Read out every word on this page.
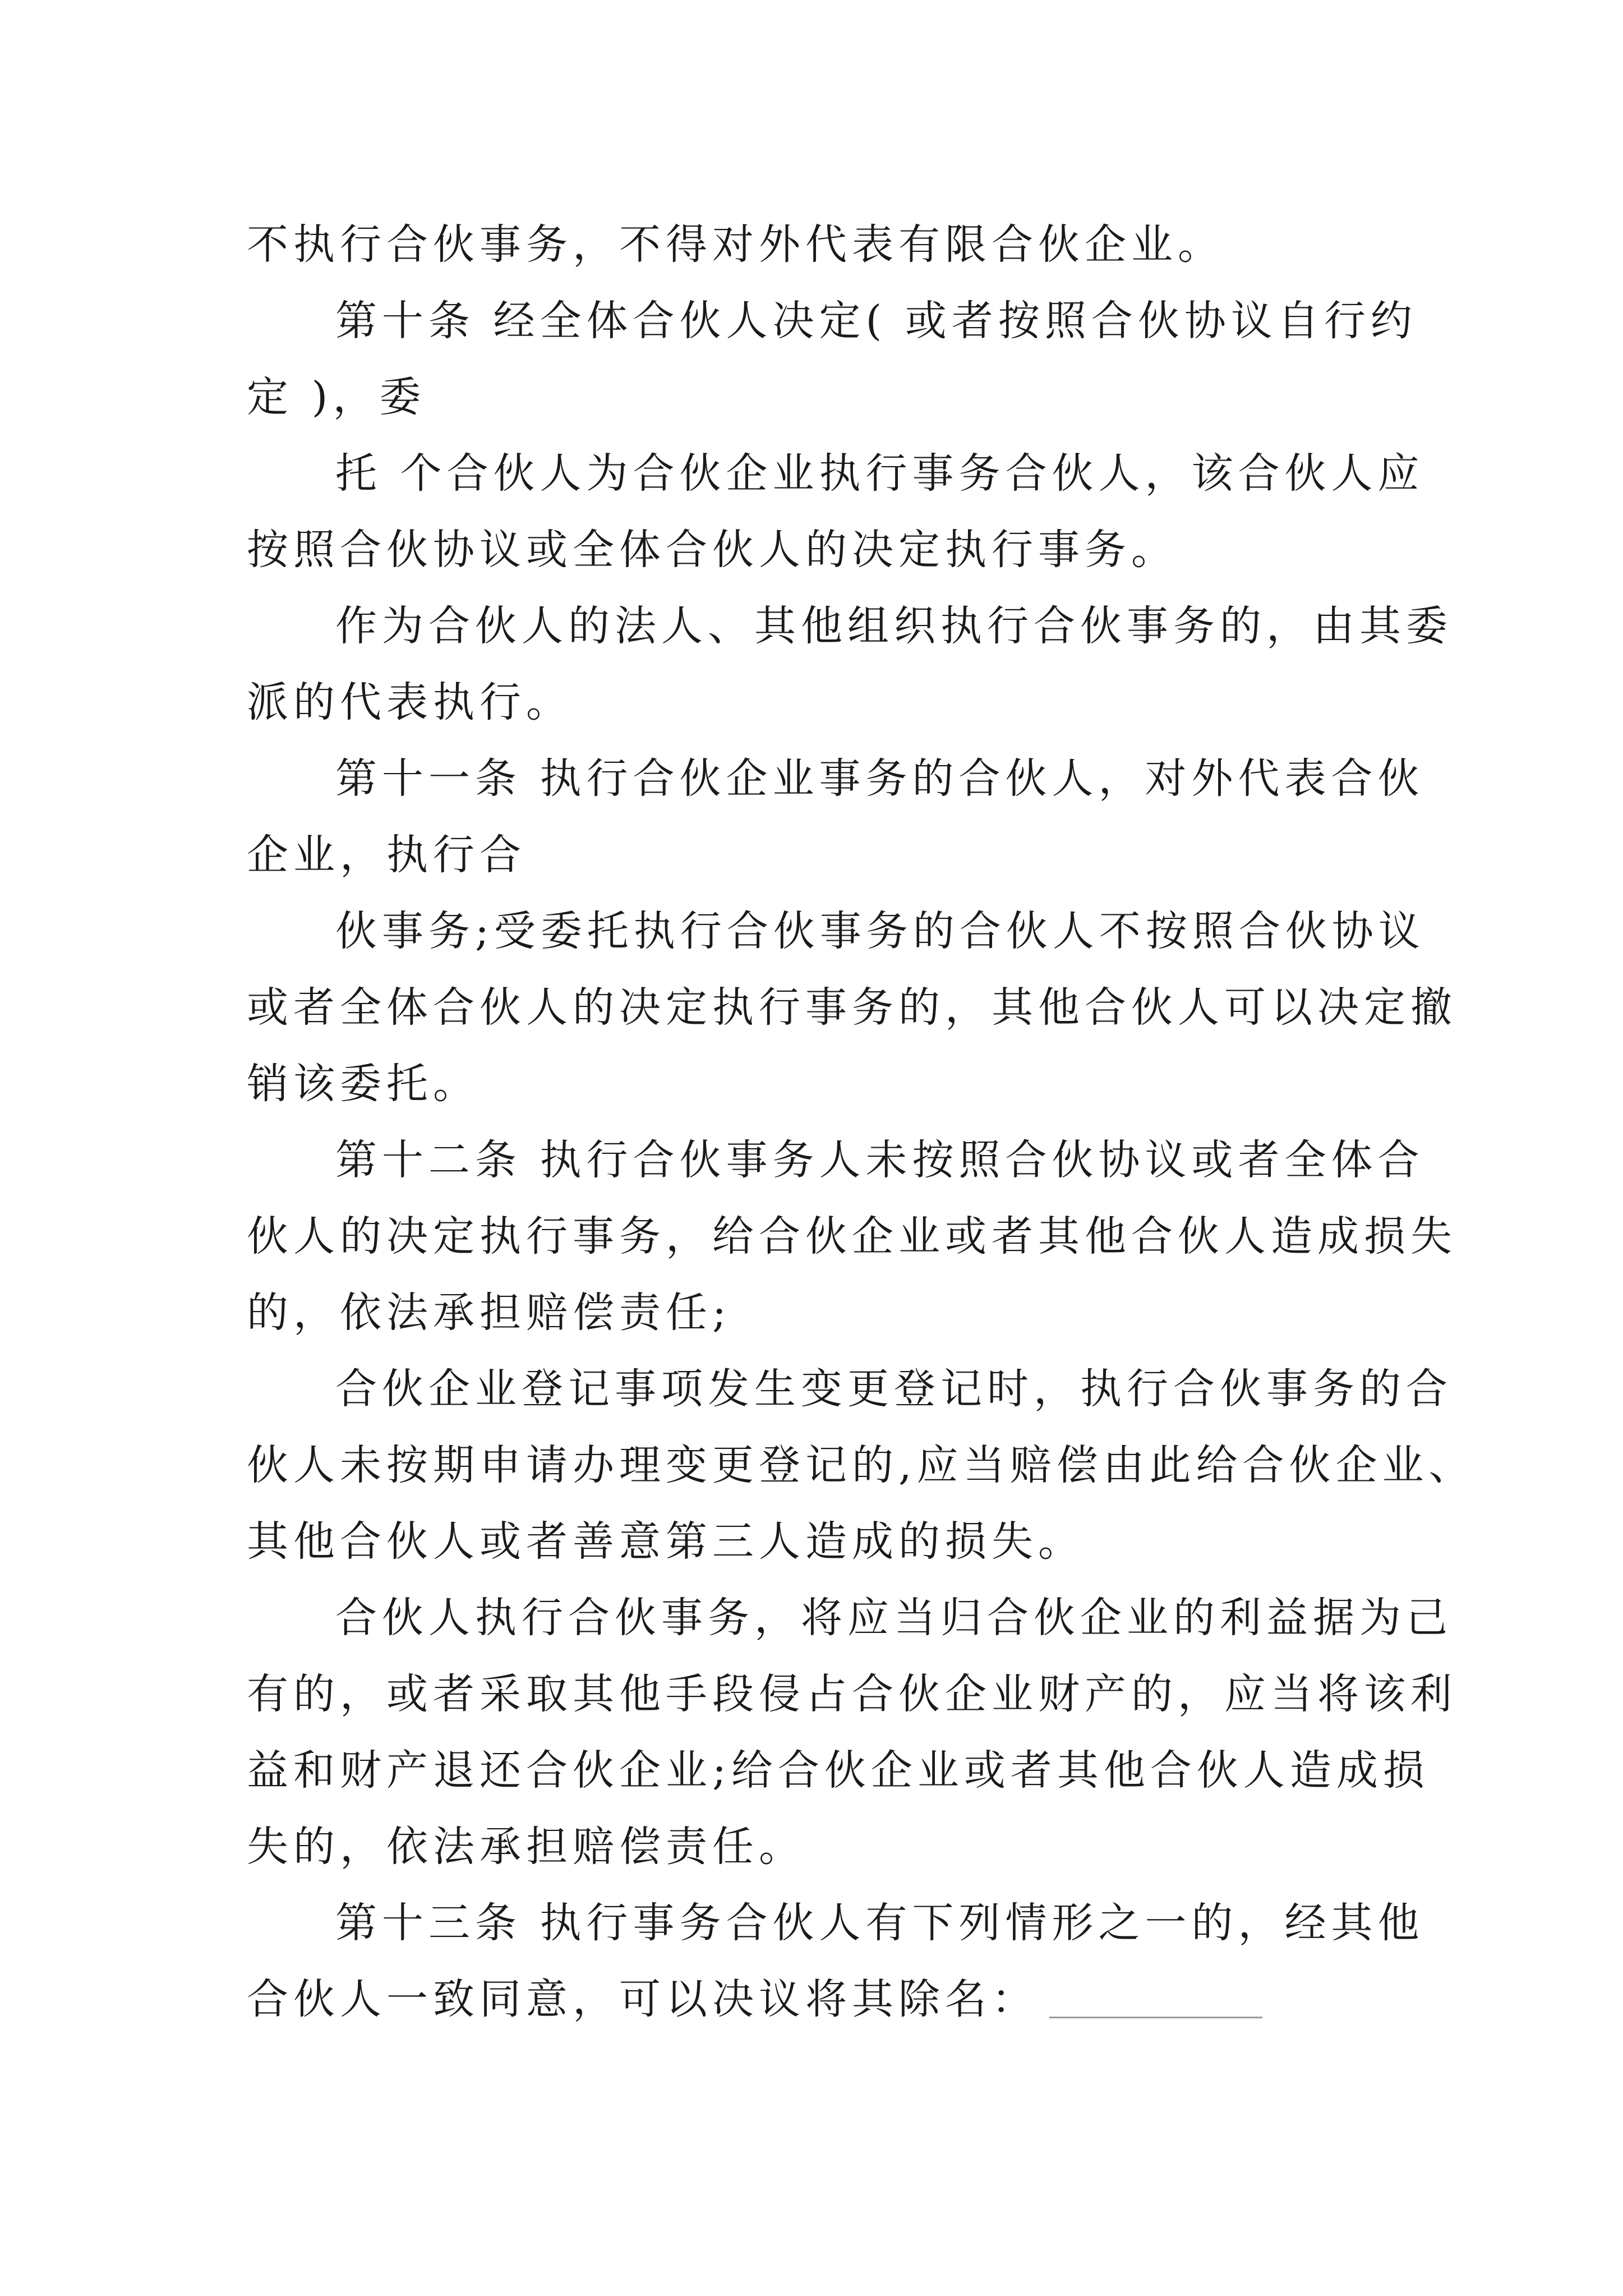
不执行合伙事务，不得对外代表有限合伙企业。
第十条 经全体合伙人决定( 或者按照合伙协议自行约
定 )，委
托 个合伙人为合伙企业执行事务合伙人，该合伙人应
按照合伙协议或全体合伙人的决定执行事务。
作为合伙人的法人、其他组织执行合伙事务的，由其委
派的代表执行。
第十一条 执行合伙企业事务的合伙人，对外代表合伙
企业，执行合
伙事务;受委托执行合伙事务的合伙人不按照合伙协议
或者全体合伙人的决定执行事务的，其他合伙人可以决定撤
销该委托。
第十二条 执行合伙事务人未按照合伙协议或者全体合
伙人的决定执行事务，给合伙企业或者其他合伙人造成损失
的，依法承担赔偿责任;
合伙企业登记事项发生变更登记时，执行合伙事务的合
伙人未按期申请办理变更登记的,应当赔偿由此给合伙企业、
其他合伙人或者善意第三人造成的损失。
合伙人执行合伙事务，将应当归合伙企业的利益据为己
有的，或者采取其他手段侵占合伙企业财产的，应当将该利
益和财产退还合伙企业;给合伙企业或者其他合伙人造成损
失的，依法承担赔偿责任。
第十三条 执行事务合伙人有下列情形之一的，经其他
合伙人一致同意，可以决议将其除名：
